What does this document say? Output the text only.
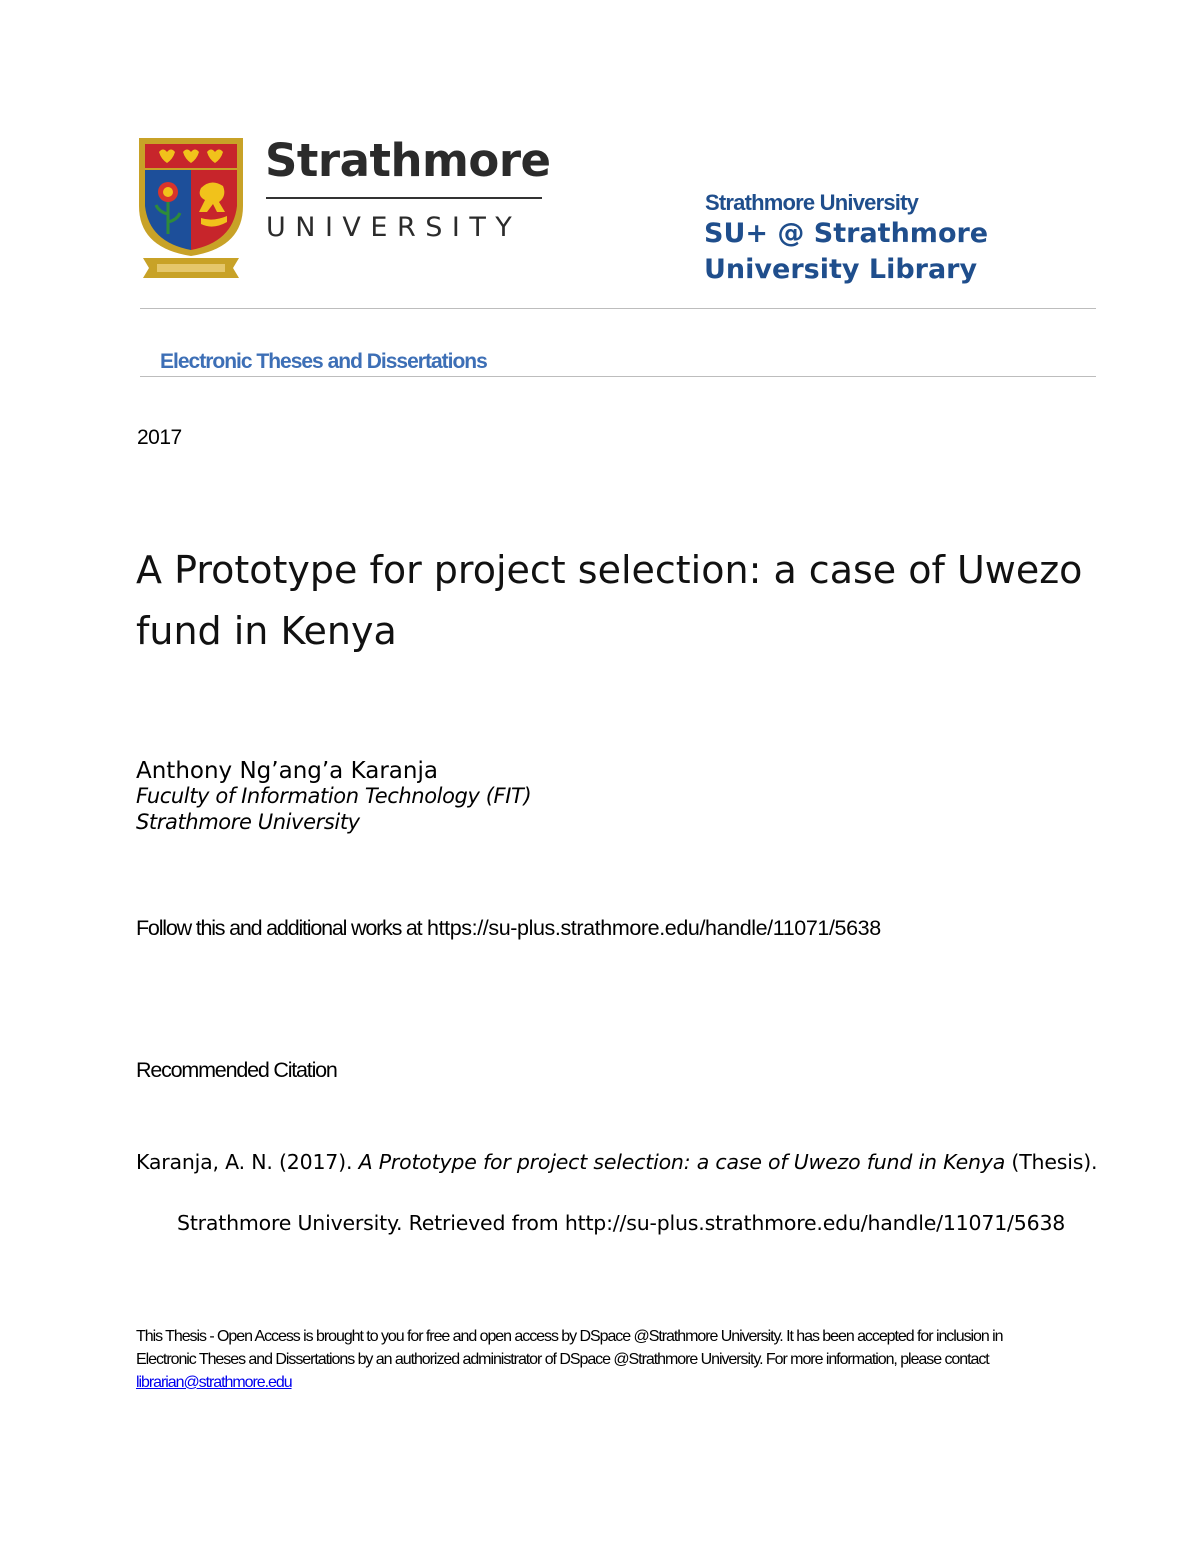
Strathmore
UNIVERSITY
Strathmore University
SU+ @ Strathmore
University Library
Electronic Theses and Dissertations
2017
A Prototype for project selection: a case of Uwezo fund in Kenya
Anthony Ng’ang’a Karanja
Fuculty of Information Technology (FIT)
Strathmore University
Follow this and additional works at https://su-plus.strathmore.edu/handle/11071/5638
Recommended Citation
Karanja, A. N. (2017). A Prototype for project selection: a case of Uwezo fund in Kenya (Thesis).
Strathmore University. Retrieved from http://su-plus.strathmore.edu/handle/11071/5638
This Thesis - Open Access is brought to you for free and open access by DSpace @Strathmore University. It has been accepted for inclusion in Electronic Theses and Dissertations by an authorized administrator of DSpace @Strathmore University. For more information, please contact librarian@strathmore.edu
